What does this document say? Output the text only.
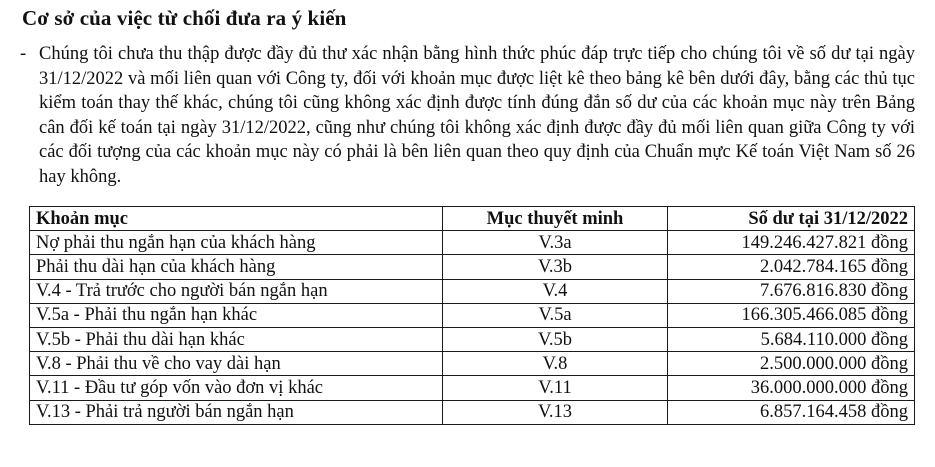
Cơ sở của việc từ chối đưa ra ý kiến
- Chúng tôi chưa thu thập được đầy đủ thư xác nhận bằng hình thức phúc đáp trực tiếp cho chúng tôi về số dư tại ngày 31/12/2022 và mối liên quan với Công ty, đối với khoản mục được liệt kê theo bảng kê bên dưới đây, bằng các thủ tục kiểm toán thay thế khác, chúng tôi cũng không xác định được tính đúng đắn số dư của các khoản mục này trên Bảng cân đối kế toán tại ngày 31/12/2022, cũng như chúng tôi không xác định được đầy đủ mối liên quan giữa Công ty với các đối tượng của các khoản mục này có phải là bên liên quan theo quy định của Chuẩn mực Kế toán Việt Nam số 26 hay không.
Khoản mục	Mục thuyết minh	Số dư tại 31/12/2022
Nợ phải thu ngắn hạn của khách hàng	V.3a	149.246.427.821 đồng
Phải thu dài hạn của khách hàng	V.3b	2.042.784.165 đồng
V.4 - Trả trước cho người bán ngắn hạn	V.4	7.676.816.830 đồng
V.5a - Phải thu ngắn hạn khác	V.5a	166.305.466.085 đồng
V.5b - Phải thu dài hạn khác	V.5b	5.684.110.000 đồng
V.8 - Phải thu về cho vay dài hạn	V.8	2.500.000.000 đồng
V.11 - Đầu tư góp vốn vào đơn vị khác	V.11	36.000.000.000 đồng
V.13 - Phải trả người bán ngắn hạn	V.13	6.857.164.458 đồng
